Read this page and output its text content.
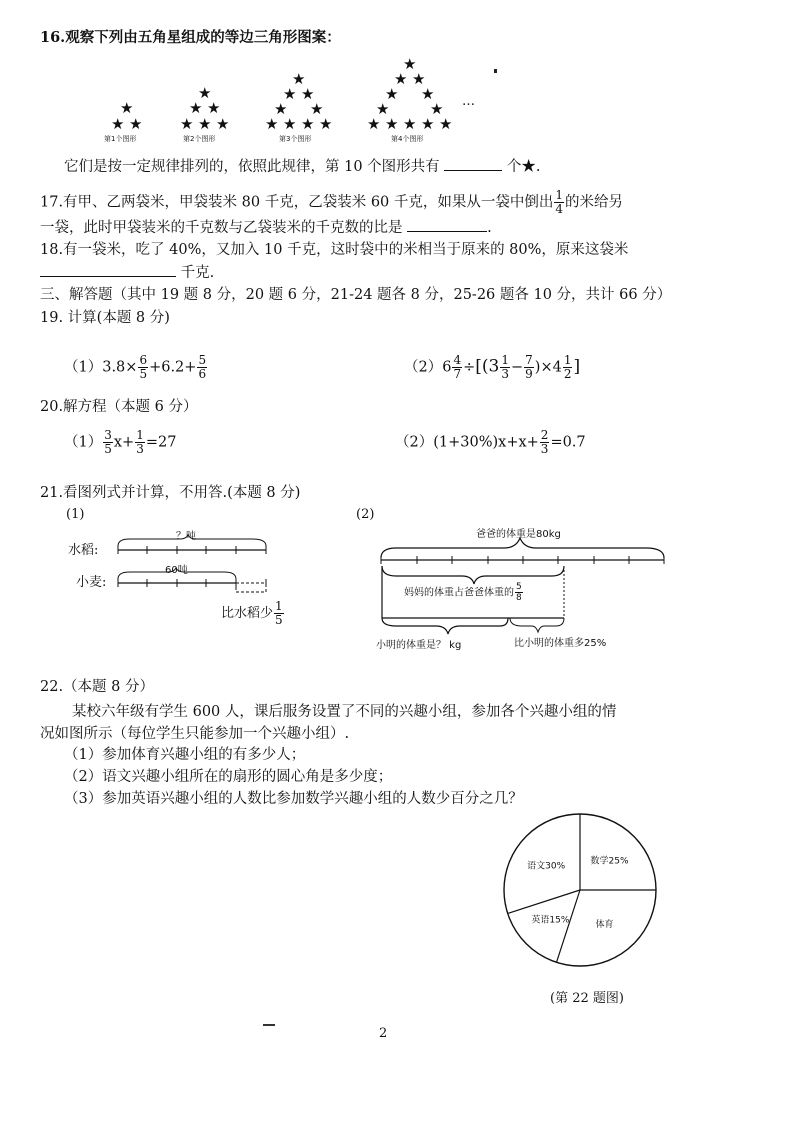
16.观察下列由五角星组成的等边三角形图案：
★
★ ★
★
★ ★
★ ★ ★
★
★ ★
★ ★
★ ★ ★ ★
★
★ ★
★ ★
★	★
★ ★ ★ ★ ★
…
第1个图形	第2个图形	第3个图形	第4个图形
它们是按一定规律排列的，依照此规律，第 10 个图形共有	个★.
17.有甲、乙两袋米，甲袋装米 80 千克，乙袋装米 60 千克，如果从一袋中倒出 $\frac{1}{4}$ 的米给另
一袋，此时甲袋装米的千克数与乙袋装米的千克数的比是	.
18.有一袋米，吃了 40%，又加入 10 千克，这时袋中的米相当于原来的 80%，原来这袋米
千克.
三、解答题（其中 19 题 8 分，20 题 6 分，21-24 题各 8 分，25-26 题各 10 分，共计 66 分）
19. 计算(本题 8 分)
$(1)3.8\times \frac{6}{5} +6.2+ \frac{5}{6}$	$(2)6 \frac{4}{7} \div[(3 \frac{1}{3} - \frac{7}{9} )\times 4 \frac{1}{2}$ ]
20.解方程（本题 6 分）
$(1) \frac{3}{5} x+ \frac{1}{3} =27$	$(2)(1+30\%)x+x+ \frac{2}{3} =0.7$
21.看图列式并计算，不用答.(本题 8 分)
(1)	(2)
水稻:
小麦:
？吨
60吨
比水稻少 $\frac{1}{5}$
爸爸的体重是80kg
妈妈的体重占爸爸体重的 $\frac{5}{8}$
小明的体重是？ kg	比小明的体重多25%
22.（本题 8 分）
某校六年级有学生 600 人，课后服务设置了不同的兴趣小组，参加各个兴趣小组的情
况如图所示（每位学生只能参加一个兴趣小组）.
（1）参加体育兴趣小组的有多少人；
（2）语文兴趣小组所在的扇形的圆心角是多少度；
（3）参加英语兴趣小组的人数比参加数学兴趣小组的人数少百分之几？
数学25%
体育
英语15%
语文30%
(第 22 题图)
2
